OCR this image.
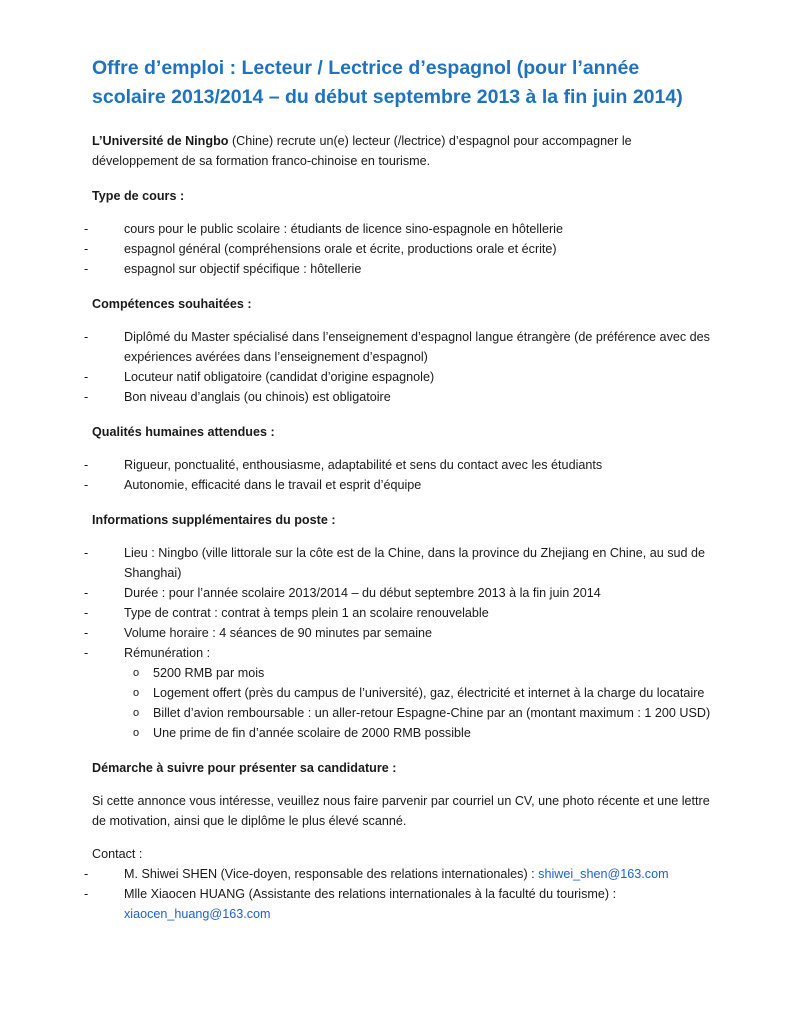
Offre d’emploi : Lecteur / Lectrice d’espagnol (pour l’année scolaire 2013/2014 – du début septembre 2013 à la fin juin 2014)

L’Université de Ningbo (Chine) recrute un(e) lecteur (/lectrice) d’espagnol pour accompagner le développement de sa formation franco-chinoise en tourisme.

Type de cours :

-	cours pour le public scolaire : étudiants de licence sino-espagnole en hôtellerie
-	espagnol général (compréhensions orale et écrite, productions orale et écrite)
-	espagnol sur objectif spécifique : hôtellerie

Compétences souhaitées :

-	Diplômé du Master spécialisé dans l’enseignement d’espagnol langue étrangère (de préférence avec des expériences avérées dans l’enseignement d’espagnol)
-	Locuteur natif obligatoire (candidat d’origine espagnole)
-	Bon niveau d’anglais (ou chinois) est obligatoire

Qualités humaines attendues :

-	Rigueur, ponctualité, enthousiasme, adaptabilité et sens du contact avec les étudiants
-	Autonomie, efficacité dans le travail et esprit d’équipe

Informations supplémentaires du poste :

-	Lieu : Ningbo (ville littorale sur la côte est de la Chine, dans la province du Zhejiang en Chine, au sud de Shanghai)
-	Durée : pour l’année scolaire 2013/2014 – du début septembre 2013 à la fin juin 2014
-	Type de contrat : contrat à temps plein 1 an scolaire renouvelable
-	Volume horaire : 4 séances de 90 minutes par semaine
-	Rémunération :
o 5200 RMB par mois
o Logement offert (près du campus de l’université), gaz, électricité et internet à la charge du locataire
o Billet d’avion remboursable : un aller-retour Espagne-Chine par an (montant maximum : 1 200 USD)
o Une prime de fin d’année scolaire de 2000 RMB possible

Démarche à suivre pour présenter sa candidature :

Si cette annonce vous intéresse, veuillez nous faire parvenir par courriel un CV, une photo récente et une lettre de motivation, ainsi que le diplôme le plus élevé scanné.

Contact :

-	M. Shiwei SHEN (Vice-doyen, responsable des relations internationales) : shiwei_shen@163.com
-	Mlle Xiaocen HUANG (Assistante des relations internationales à la faculté du tourisme) : xiaocen_huang@163.com
